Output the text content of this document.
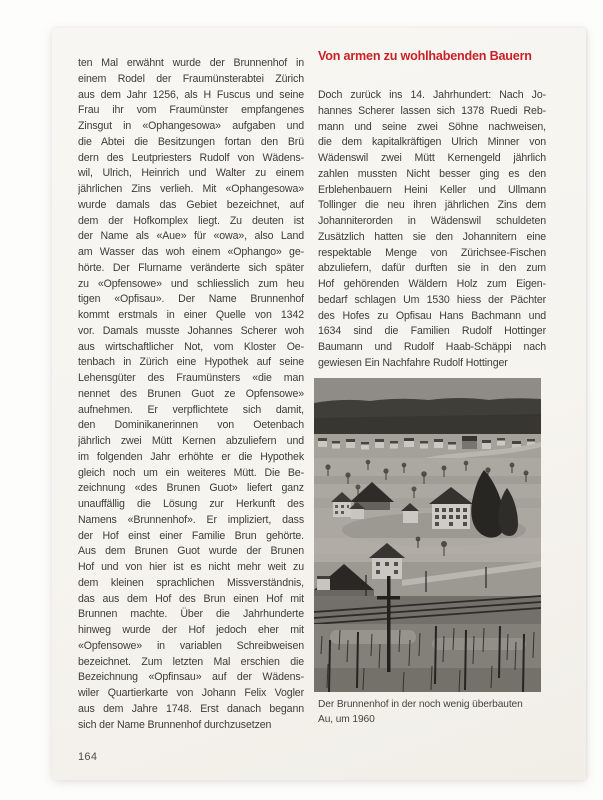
ten Mal erwähnt wurde der Brunnenhof in
einem Rodel der Fraumünsterabtei Zürich
aus dem Jahr 1256, als H Fuscus und seine
Frau ihr vom Fraumünster empfangenes
Zinsgut in «Ophangesowa» aufgaben und
die Abtei die Besitzungen fortan den Brü
dern des Leutpriesters Rudolf von Wädens-
wil, Ulrich, Heinrich und Walter zu einem
jährlichen Zins verlieh. Mit «Ophangesowa»
wurde damals das Gebiet bezeichnet, auf
dem der Hofkomplex liegt. Zu deuten ist
der Name als «Aue» für «owa», also Land
am Wasser das woh einem «Ophango» ge-
hörte. Der Flurname veränderte sich später
zu «Opfensowe» und schliesslich zum heu
tigen «Opfisau». Der Name Brunnenhof
kommt erstmals in einer Quelle von 1342
vor. Damals musste Johannes Scherer woh
aus wirtschaftlicher Not, vom Kloster Oe-
tenbach in Zürich eine Hypothek auf seine
Lehensgüter des Fraumünsters «die man
nennet des Brunen Guot ze Opfensowe»
aufnehmen. Er verpflichtete sich damit,
den Dominikanerinnen von Oetenbach
jährlich zwei Mütt Kernen abzuliefern und
im folgenden Jahr erhöhte er die Hypothek
gleich noch um ein weiteres Mütt. Die Be-
zeichnung «des Brunen Guot» liefert ganz
unauffällig die Lösung zur Herkunft des
Namens «Brunnenhof». Er impliziert, dass
der Hof einst einer Familie Brun gehörte.
Aus dem Brunen Guot wurde der Brunen
Hof und von hier ist es nicht mehr weit zu
dem kleinen sprachlichen Missverständnis,
das aus dem Hof des Brun einen Hof mit
Brunnen machte. Über die Jahrhunderte
hinweg wurde der Hof jedoch eher mit
«Opfensowe» in variablen Schreibweisen
bezeichnet. Zum letzten Mal erschien die
Bezeichnung «Opfinsau» auf der Wädens-
wiler Quartierkarte von Johann Felix Vogler
aus dem Jahre 1748. Erst danach begann
sich der Name Brunnenhof durchzusetzen
Von armen zu wohlhabenden Bauern
Doch zurück ins 14. Jahrhundert: Nach Jo-
hannes Scherer lassen sich 1378 Ruedi Reb-
mann und seine zwei Söhne nachweisen,
die dem kapitalkräftigen Ulrich Minner von
Wädenswil zwei Mütt Kernengeld jährlich
zahlen mussten Nicht besser ging es den
Erblehenbauern Heini Keller und Ullmann
Tollinger die neu ihren jährlichen Zins dem
Johanniterorden in Wädenswil schuldeten
Zusätzlich hatten sie den Johannitern eine
respektable Menge von Zürichsee-Fischen
abzuliefern, dafür durften sie in den zum
Hof gehörenden Wäldern Holz zum Eigen-
bedarf schlagen Um 1530 hiess der Pächter
des Hofes zu Opfisau Hans Bachmann und
1634 sind die Familien Rudolf Hottinger
Baumann und Rudolf Haab-Schäppi nach
gewiesen Ein Nachfahre Rudolf Hottinger
Der Brunnenhof in der noch wenig überbauten
Au, um 1960
164
